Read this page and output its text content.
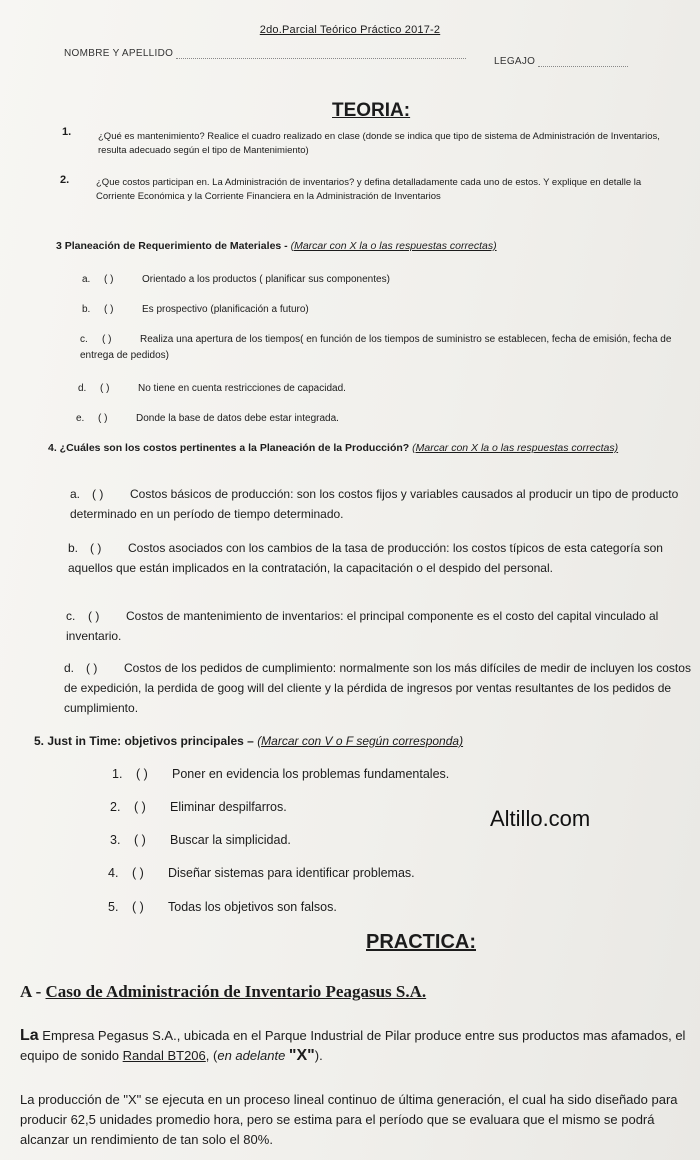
2do.Parcial Teórico Práctico 2017-2
NOMBRE Y APELLIDO
LEGAJO
TEORIA:
1.	¿Qué es mantenimiento? Realice el cuadro realizado en clase (donde se indica que tipo de sistema de Administración de Inventarios, resulta adecuado según el tipo de Mantenimiento)
2.	¿Que costos participan en. La Administración de inventarios? y defina detalladamente cada uno de estos. Y explique en detalle la Corriente Económica y la Corriente Financiera en la Administración de Inventarios
3 Planeación de Requerimiento de Materiales - (Marcar con X la o las respuestas correctas)
a. ( )	Orientado a los productos ( planificar sus componentes)
b. ( )	Es prospectivo (planificación a futuro)
c. ( )	Realiza una apertura de los tiempos( en función de los tiempos de suministro se establecen, fecha de emisión, fecha de entrega de pedidos)
d. ( )	No tiene en cuenta restricciones de capacidad.
e. ( )	Donde la base de datos debe estar integrada.
4. ¿Cuáles son los costos pertinentes a la Planeación de la Producción? (Marcar con X la o las respuestas correctas)
a. ( ) Costos básicos de producción: son los costos fijos y variables causados al producir un tipo de producto determinado en un período de tiempo determinado.
b. ( ) Costos asociados con los cambios de la tasa de producción: los costos típicos de esta categoría son aquellos que están implicados en la contratación, la capacitación o el despido del personal.
c. ( ) Costos de mantenimiento de inventarios: el principal componente es el costo del capital vinculado al inventario.
d. ( ) Costos de los pedidos de cumplimiento: normalmente son los más difíciles de medir de incluyen los costos de expedición, la perdida de goog will del cliente y la pérdida de ingresos por ventas resultantes de los pedidos de cumplimiento.
5. Just in Time: objetivos principales – (Marcar con V o F según corresponda)
1. ( ) Poner en evidencia los problemas fundamentales.
2. ( ) Eliminar despilfarros.
3. ( ) Buscar la simplicidad.
4. ( ) Diseñar sistemas para identificar problemas.
5. ( ) Todas los objetivos son falsos.
Altillo.com
PRACTICA:
A - Caso de Administración de Inventario Peagasus S.A.
La Empresa Pegasus S.A., ubicada en el Parque Industrial de Pilar produce entre sus productos mas afamados, el equipo de sonido Randal BT206, (en adelante "X").
La producción de "X" se ejecuta en un proceso lineal continuo de última generación, el cual ha sido diseñado para producir 62,5 unidades promedio hora, pero se estima para el período que se evaluara que el mismo se podrá alcanzar un rendimiento de tan solo el 80%.
